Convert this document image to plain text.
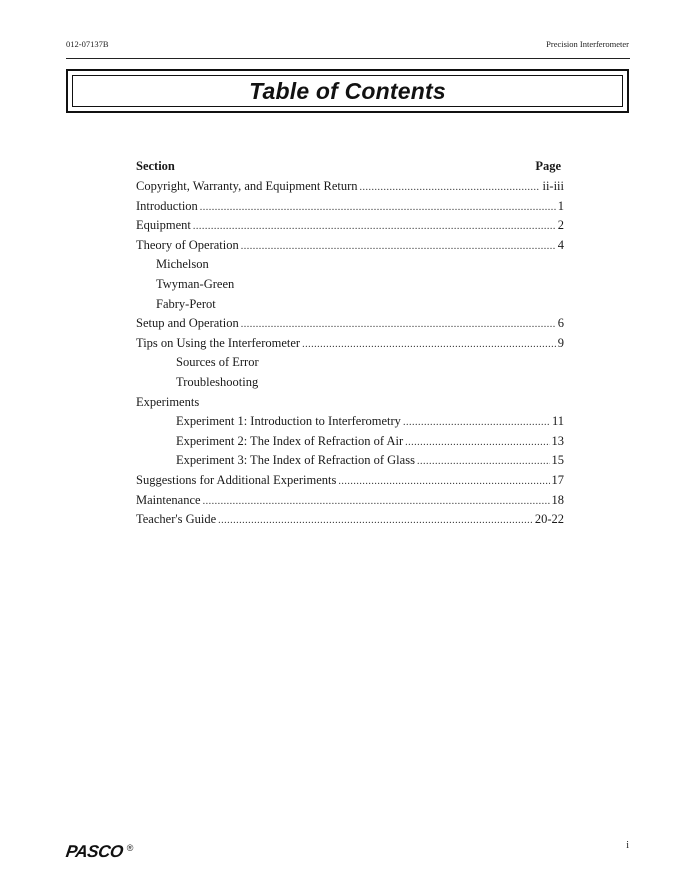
012-07137B	Precision Interferometer
Table of Contents
Section	Page
Copyright, Warranty, and Equipment Return .....	ii-iii
Introduction .....	1
Equipment .....	2
Theory of Operation .....	4
Michelson
Twyman-Green
Fabry-Perot
Setup and Operation .....	6
Tips on Using the Interferometer .....	9
Sources of Error
Troubleshooting
Experiments
Experiment 1: Introduction to Interferometry .....	11
Experiment 2: The Index of Refraction of Air .....	13
Experiment 3: The Index of Refraction of Glass .....	15
Suggestions for Additional Experiments .....	17
Maintenance .....	18
Teacher's Guide .....	20-22
PASCO ®	i
